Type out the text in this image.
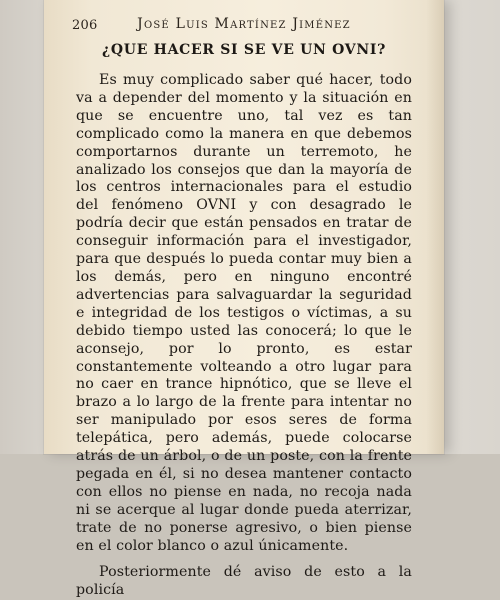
206	José Luis Martínez Jiménez
¿QUE HACER SI SE VE UN OVNI?

Es muy complicado saber qué hacer, todo va a depender del momento y la situación en que se encuentre uno, tal vez es tan complicado como la manera en que debemos comportarnos durante un terremoto, he analizado los consejos que dan la mayoría de los centros internacionales para el estudio del fenómeno OVNI y con desagrado le podría decir que están pensados en tratar de conseguir información para el investigador, para que después lo pueda contar muy bien a los demás, pero en ninguno encontré advertencias para salvaguardar la seguridad e integridad de los testigos o víctimas, a su debido tiempo usted las conocerá; lo que le aconsejo, por lo pronto, es estar constantemente volteando a otro lugar para no caer en trance hipnótico, que se lleve el brazo a lo largo de la frente para intentar no ser manipulado por esos seres de forma telepática, pero además, puede colocarse atrás de un árbol, o de un poste, con la frente pegada en él, si no desea mantener contacto con ellos no piense en nada, no recoja nada ni se acerque al lugar donde pueda aterrizar, trate de no ponerse agresivo, o bien piense en el color blanco o azul únicamente.

Posteriormente dé aviso de esto a la policía
